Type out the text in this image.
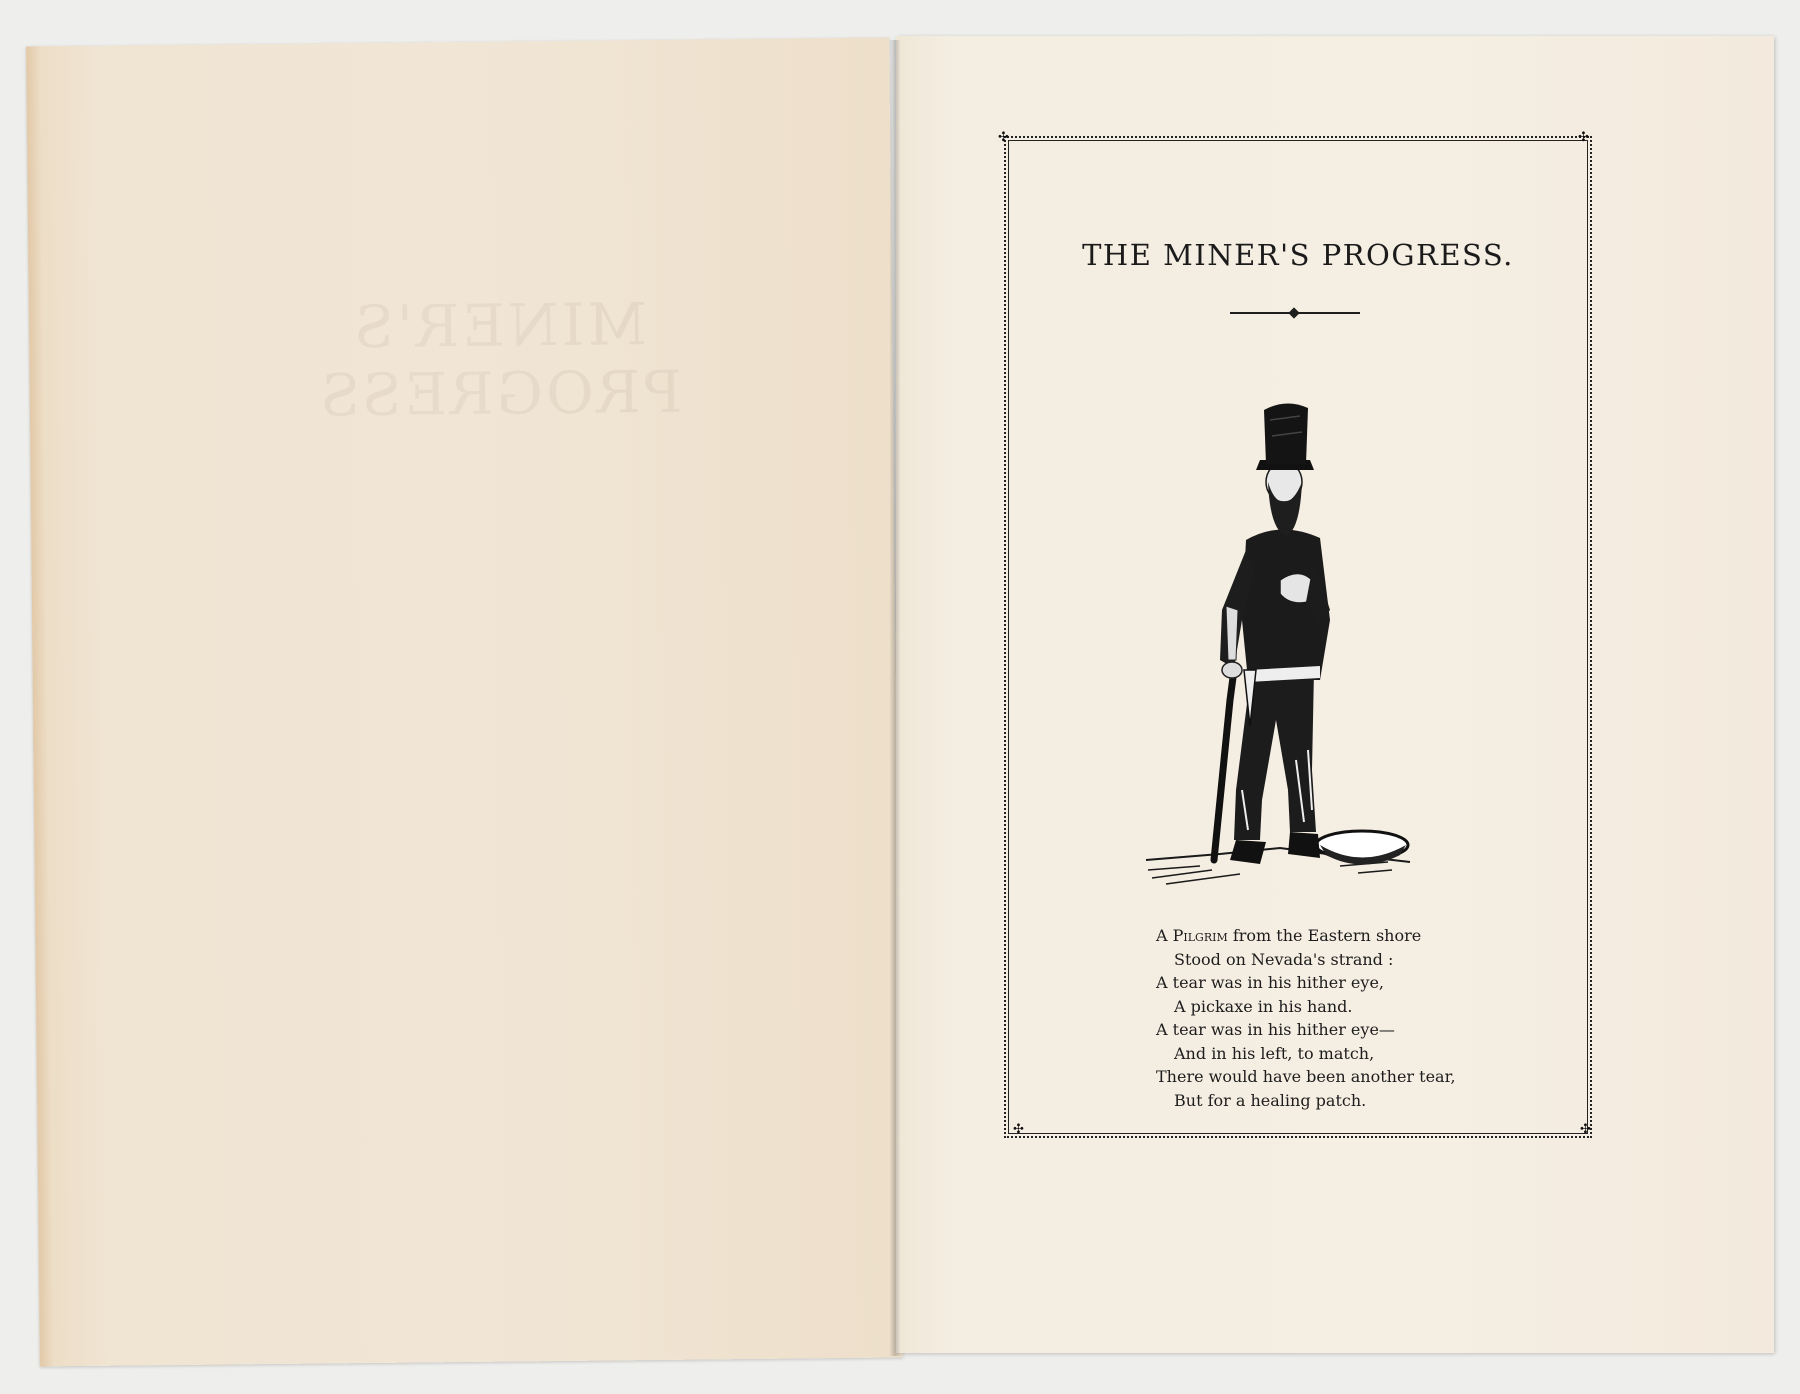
MINER'S PROGRESS
✣	✣
✣	✣
THE MINER'S PROGRESS.
A Pilgrim from the Eastern shore
Stood on Nevada's strand :
A tear was in his hither eye,
A pickaxe in his hand.
A tear was in his hither eye—
And in his left, to match,
There would have been another tear,
But for a healing patch.
